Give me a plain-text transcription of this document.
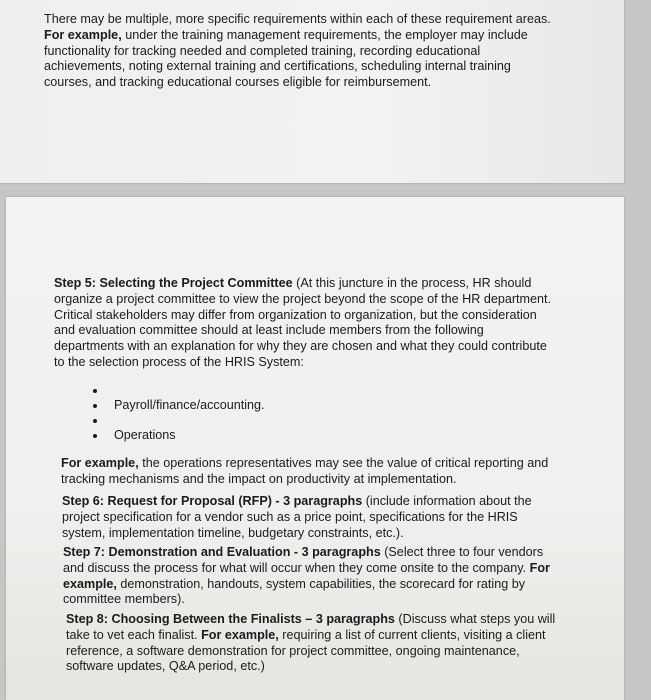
There may be multiple, more specific requirements within each of these requirement areas. For example, under the training management requirements, the employer may include functionality for tracking needed and completed training, recording educational achievements, noting external training and certifications, scheduling internal training courses, and tracking educational courses eligible for reimbursement.

Step 5: Selecting the Project Committee (At this juncture in the process, HR should organize a project committee to view the project beyond the scope of the HR department. Critical stakeholders may differ from organization to organization, but the consideration and evaluation committee should at least include members from the following departments with an explanation for why they are chosen and what they could contribute to the selection process of the HRIS System:

Payroll/finance/accounting.
Operations

For example, the operations representatives may see the value of critical reporting and tracking mechanisms and the impact on productivity at implementation.

Step 6: Request for Proposal (RFP) - 3 paragraphs (include information about the project specification for a vendor such as a price point, specifications for the HRIS system, implementation timeline, budgetary constraints, etc.).

Step 7: Demonstration and Evaluation - 3 paragraphs (Select three to four vendors and discuss the process for what will occur when they come onsite to the company. For example, demonstration, handouts, system capabilities, the scorecard for rating by committee members).

Step 8: Choosing Between the Finalists – 3 paragraphs (Discuss what steps you will take to vet each finalist. For example, requiring a list of current clients, visiting a client reference, a software demonstration for project committee, ongoing maintenance, software updates, Q&A period, etc.)
